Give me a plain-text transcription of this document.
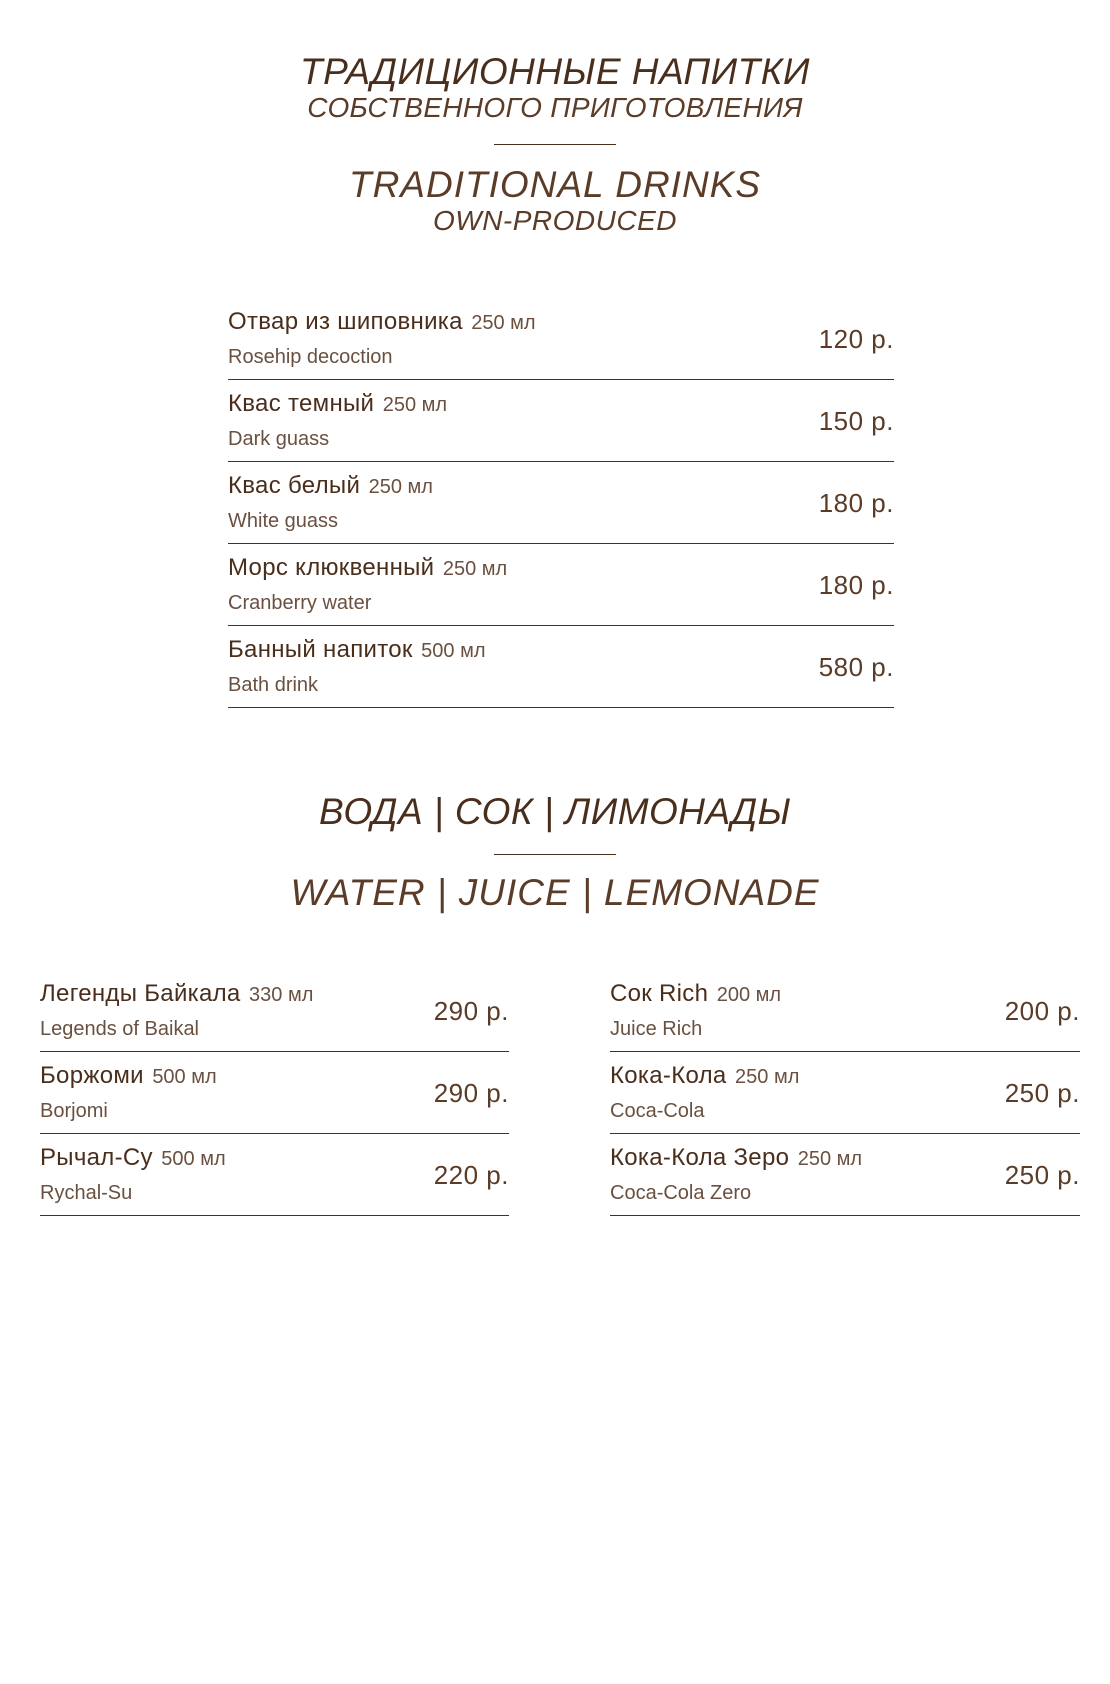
ТРАДИЦИОННЫЕ НАПИТКИ
СОБСТВЕННОГО ПРИГОТОВЛЕНИЯ
TRADITIONAL DRINKS
OWN-PRODUCED
Отвар из шиповника 250 мл
Rosehip decoction
120 р.
Квас темный 250 мл
Dark guass
150 р.
Квас белый 250 мл
White guass
180 р.
Морс клюквенный 250 мл
Cranberry water
180 р.
Банный напиток 500 мл
Bath drink
580 р.
ВОДА | СОК | ЛИМОНАДЫ
WATER | JUICE | LEMONADE
Легенды Байкала 330 мл
Legends of Baikal
290 р.
Боржоми 500 мл
Borjomi
290 р.
Рычал-Су 500 мл
Rychal-Su
220 р.
Сок Rich 200 мл
Juice Rich
200 р.
Кока-Кола 250 мл
Coca-Cola
250 р.
Кока-Кола Зеро 250 мл
Coca-Cola Zero
250 р.
